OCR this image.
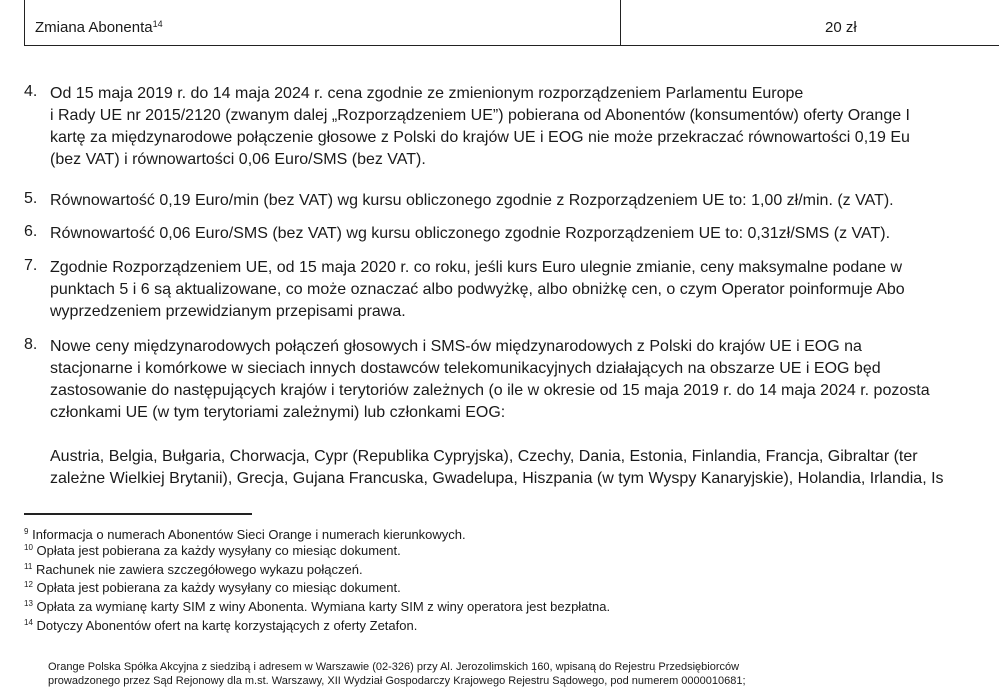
Zmiana Abonenta$^{14}$	20 zł
4. Od 15 maja 2019 r. do 14 maja 2024 r. cena zgodnie ze zmienionym rozporządzeniem Parlamentu Europe
i Rady UE nr 2015/2120 (zwanym dalej „Rozporządzeniem UE”) pobierana od Abonentów (konsumentów) oferty Orange I
kartę za międzynarodowe połączenie głosowe z Polski do krajów UE i EOG nie może przekraczać równowartości 0,19 Eu
(bez VAT) i równowartości 0,06 Euro/SMS (bez VAT).
5. Równowartość 0,19 Euro/min (bez VAT) wg kursu obliczonego zgodnie z Rozporządzeniem UE to: 1,00 zł/min. (z VAT).
6. Równowartość 0,06 Euro/SMS (bez VAT) wg kursu obliczonego zgodnie Rozporządzeniem UE to: 0,31zł/SMS (z VAT).
7. Zgodnie Rozporządzeniem UE, od 15 maja 2020 r. co roku, jeśli kurs Euro ulegnie zmianie, ceny maksymalne podane w
punktach 5 i 6 są aktualizowane, co może oznaczać albo podwyżkę, albo obniżkę cen, o czym Operator poinformuje Abo
wyprzedzeniem przewidzianym przepisami prawa.
8. Nowe ceny międzynarodowych połączeń głosowych i SMS-ów międzynarodowych z Polski do krajów UE i EOG na
stacjonarne i komórkowe w sieciach innych dostawców telekomunikacyjnych działających na obszarze UE i EOG będ
zastosowanie do następujących krajów i terytoriów zależnych (o ile w okresie od 15 maja 2019 r. do 14 maja 2024 r. pozosta
członkami UE (w tym terytoriami zależnymi) lub członkami EOG:
Austria, Belgia, Bułgaria, Chorwacja, Cypr (Republika Cypryjska), Czechy, Dania, Estonia, Finlandia, Francja, Gibraltar (ter
zależne Wielkiej Brytanii), Grecja, Gujana Francuska, Gwadelupa, Hiszpania (w tym Wyspy Kanaryjskie), Holandia, Irlandia, Is
$^9$ Informacja o numerach Abonentów Sieci Orange i numerach kierunkowych.
$^{10}$ Opłata jest pobierana za każdy wysyłany co miesiąc dokument.
$^{11}$ Rachunek nie zawiera szczegółowego wykazu połączeń.
$^{12}$ Opłata jest pobierana za każdy wysyłany co miesiąc dokument.
$^{13}$ Opłata za wymianę karty SIM z winy Abonenta. Wymiana karty SIM z winy operatora jest bezpłatna.
$^{14}$ Dotyczy Abonentów ofert na kartę korzystających z oferty Zetafon.
Orange Polska Spółka Akcyjna z siedzibą i adresem w Warszawie (02-326) przy Al. Jerozolimskich 160, wpisaną do Rejestru Przedsiębiorców
prowadzonego przez Sąd Rejonowy dla m.st. Warszawy, XII Wydział Gospodarczy Krajowego Rejestru Sądowego, pod numerem 0000010681;
